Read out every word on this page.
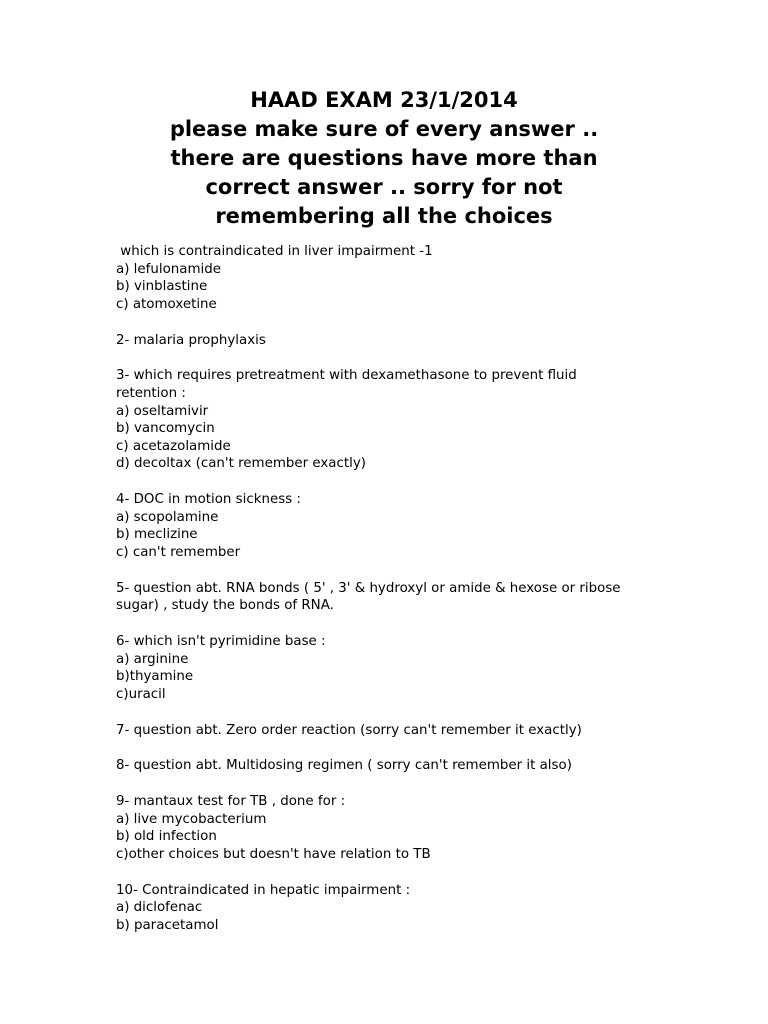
HAAD EXAM 23/1/2014
please make sure of every answer ..
there are questions have more than
correct answer .. sorry for not
remembering all the choices
which is contraindicated in liver impairment -1
a) lefulonamide
b) vinblastine
c) atomoxetine
2- malaria prophylaxis
3- which requires pretreatment with dexamethasone to prevent fluid
retention :
a) oseltamivir
b) vancomycin
c) acetazolamide
d) decoltax (can't remember exactly)
4- DOC in motion sickness :
a) scopolamine
b) meclizine
c) can't remember
5- question abt. RNA bonds ( 5' , 3' & hydroxyl or amide & hexose or ribose
sugar) , study the bonds of RNA.
6- which isn't pyrimidine base :
a) arginine
b)thyamine
c)uracil
7- question abt. Zero order reaction (sorry can't remember it exactly)
8- question abt. Multidosing regimen ( sorry can't remember it also)
9- mantaux test for TB , done for :
a) live mycobacterium
b) old infection
c)other choices but doesn't have relation to TB
10- Contraindicated in hepatic impairment :
a) diclofenac
b) paracetamol
